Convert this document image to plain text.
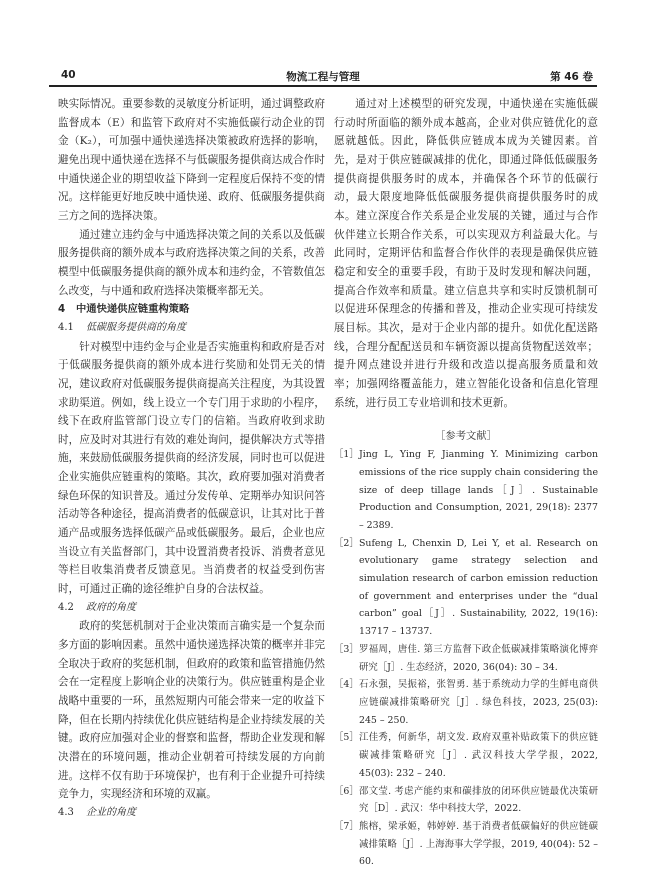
40	物流工程与管理	第 46 卷

映实际情况。重要参数的灵敏度分析证明，通过调整政府监督成本（E）和监管下政府对不实施低碳行动企业的罚金（K₂），可加强中通快递选择决策被政府选择的影响，避免出现中通快递在选择不与低碳服务提供商达成合作时中通快递企业的期望收益下降到一定程度后保持不变的情况。这样能更好地反映中通快递、政府、低碳服务提供商三方之间的选择决策。

通过建立违约金与中通选择决策之间的关系以及低碳服务提供商的额外成本与政府选择决策之间的关系，改善模型中低碳服务提供商的额外成本和违约金，不管数值怎么改变，与中通和政府选择决策概率都无关。

4 中通快递供应链重构策略
4.1 低碳服务提供商的角度

针对模型中违约金与企业是否实施重构和政府是否对于低碳服务提供商的额外成本进行奖励和处罚无关的情况，建议政府对低碳服务提供商提高关注程度，为其设置求助渠道。例如，线上设立一个专门用于求助的小程序，线下在政府监管部门设立专门的信箱。当政府收到求助时，应及时对其进行有效的难处询问，提供解决方式等措施，来鼓励低碳服务提供商的经济发展，同时也可以促进企业实施供应链重构的策略。其次，政府要加强对消费者绿色环保的知识普及。通过分发传单、定期举办知识问答活动等各种途径，提高消费者的低碳意识，让其对比于普通产品或服务选择低碳产品或低碳服务。最后，企业也应当设立有关监督部门，其中设置消费者投诉、消费者意见等栏目收集消费者反馈意见。当消费者的权益受到伤害时，可通过正确的途径维护自身的合法权益。

4.2 政府的角度

政府的奖惩机制对于企业决策而言确实是一个复杂而多方面的影响因素。虽然中通快递选择决策的概率并非完全取决于政府的奖惩机制，但政府的政策和监管措施仍然会在一定程度上影响企业的决策行为。供应链重构是企业战略中重要的一环，虽然短期内可能会带来一定的收益下降，但在长期内持续优化供应链结构是企业持续发展的关键。政府应加强对企业的督察和监督，帮助企业发现和解决潜在的环境问题，推动企业朝着可持续发展的方向前进。这样不仅有助于环境保护，也有利于企业提升可持续竞争力，实现经济和环境的双赢。

4.3 企业的角度

通过对上述模型的研究发现，中通快递在实施低碳行动时所面临的额外成本越高，企业对供应链优化的意愿就越低。因此，降低供应链成本成为关键因素。首先，是对于供应链碳减排的优化，即通过降低低碳服务提供商提供服务时的成本，并确保各个环节的低碳行动，最大限度地降低低碳服务提供商提供服务时的成本。建立深度合作关系是企业发展的关键，通过与合作伙伴建立长期合作关系，可以实现双方利益最大化。与此同时，定期评估和监督合作伙伴的表现是确保供应链稳定和安全的重要手段，有助于及时发现和解决问题，提高合作效率和质量。建立信息共享和实时反馈机制可以促进环保理念的传播和普及，推动企业实现可持续发展目标。其次，是对于企业内部的提升。如优化配送路线，合理分配配送员和车辆资源以提高货物配送效率；提升网点建设并进行升级和改造以提高服务质量和效率；加强网络覆盖能力，建立智能化设备和信息化管理系统，进行员工专业培训和技术更新。

［参考文献］

［1］ Jing L, Ying F, Jianming Y. Minimizing carbon emissions of the rice supply chain considering the size of deep tillage lands［J］. Sustainable Production and Consumption, 2021, 29(18): 2377 – 2389.

［2］ Sufeng L, Chenxin D, Lei Y, et al. Research on evolutionary game strategy selection and simulation research of carbon emission reduction of government and enterprises under the “dual carbon” goal［J］. Sustainability, 2022, 19(16): 13717 – 13737.

［3］ 罗福周，唐佳. 第三方监督下政企低碳减排策略演化博弈研究［J］. 生态经济，2020, 36(04): 30 – 34.

［4］ 石永强，吴振裕，张智勇. 基于系统动力学的生鲜电商供应链碳减排策略研究［J］. 绿色科技，2023, 25(03): 245 – 250.

［5］ 江佳秀，何新华，胡文发. 政府双重补贴政策下的供应链碳减排策略研究［J］. 武汉科技大学学报，2022, 45(03): 232 – 240.

［6］ 邵文莹. 考虑产能约束和碳排放的闭环供应链最优决策研究［D］. 武汉：华中科技大学，2022.

［7］ 熊榕，梁承姬，韩婷婷. 基于消费者低碳偏好的供应链碳减排策略［J］. 上海海事大学学报，2019, 40(04): 52 – 60.
